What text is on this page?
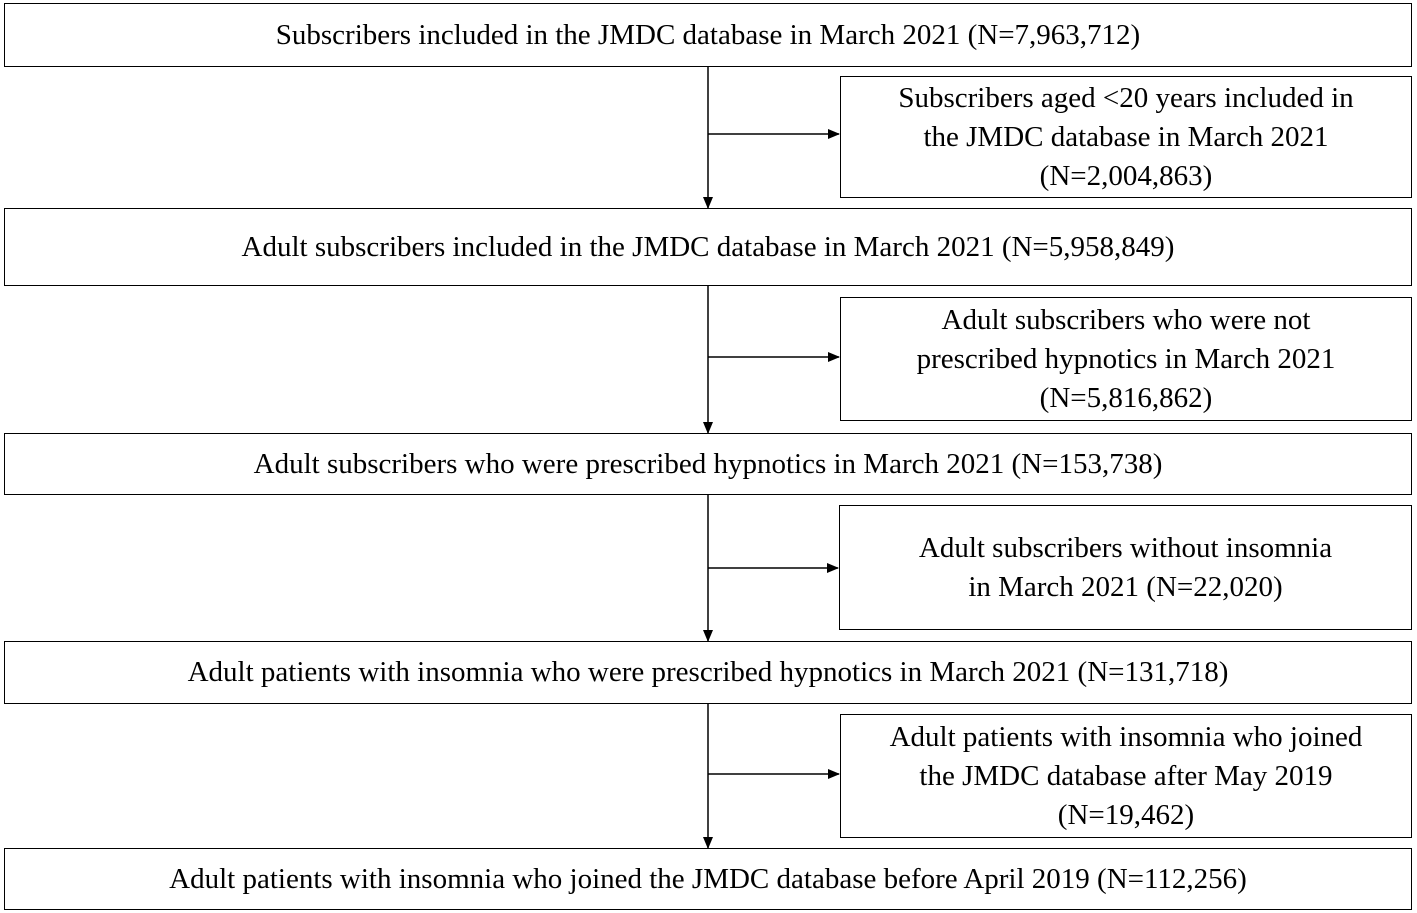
Subscribers included in the JMDC database in March 2021 (N=7,963,712)
Adult subscribers included in the JMDC database in March 2021 (N=5,958,849)
Adult subscribers who were prescribed hypnotics in March 2021 (N=153,738)
Adult patients with insomnia who were prescribed hypnotics in March 2021 (N=131,718)
Adult patients with insomnia who joined the JMDC database before April 2019 (N=112,256)
Subscribers aged <20 years included in
the JMDC database in March 2021
(N=2,004,863)
Adult subscribers who were not
prescribed hypnotics in March 2021
(N=5,816,862)
Adult subscribers without insomnia
in March 2021 (N=22,020)
Adult patients with insomnia who joined
the JMDC database after May 2019
(N=19,462)
